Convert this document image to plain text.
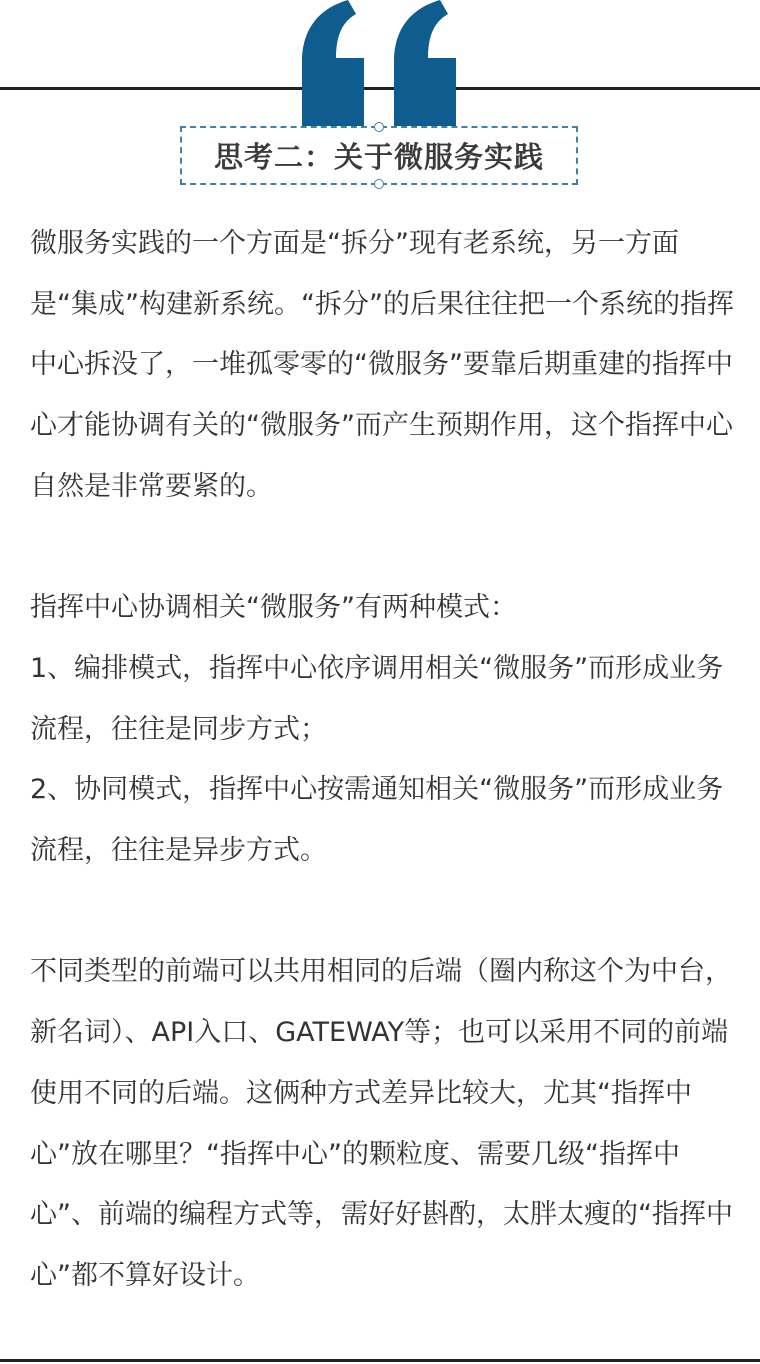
思考二：关于微服务实践

微服务实践的一个方面是“拆分”现有老系统，另一方面是“集成”构建新系统。“拆分”的后果往往把一个系统的指挥中心拆没了，一堆孤零零的“微服务”要靠后期重建的指挥中心才能协调有关的“微服务”而产生预期作用，这个指挥中心自然是非常要紧的。

指挥中心协调相关“微服务”有两种模式：

1、编排模式，指挥中心依序调用相关“微服务”而形成业务流程，往往是同步方式；

2、协同模式，指挥中心按需通知相关“微服务”而形成业务流程，往往是异步方式。

不同类型的前端可以共用相同的后端（圈内称这个为中台，新名词）、API入口、GATEWAY等；也可以采用不同的前端使用不同的后端。这俩种方式差异比较大，尤其“指挥中心”放在哪里？“指挥中心”的颗粒度、需要几级“指挥中心”、前端的编程方式等，需好好斟酌，太胖太瘦的“指挥中心”都不算好设计。
